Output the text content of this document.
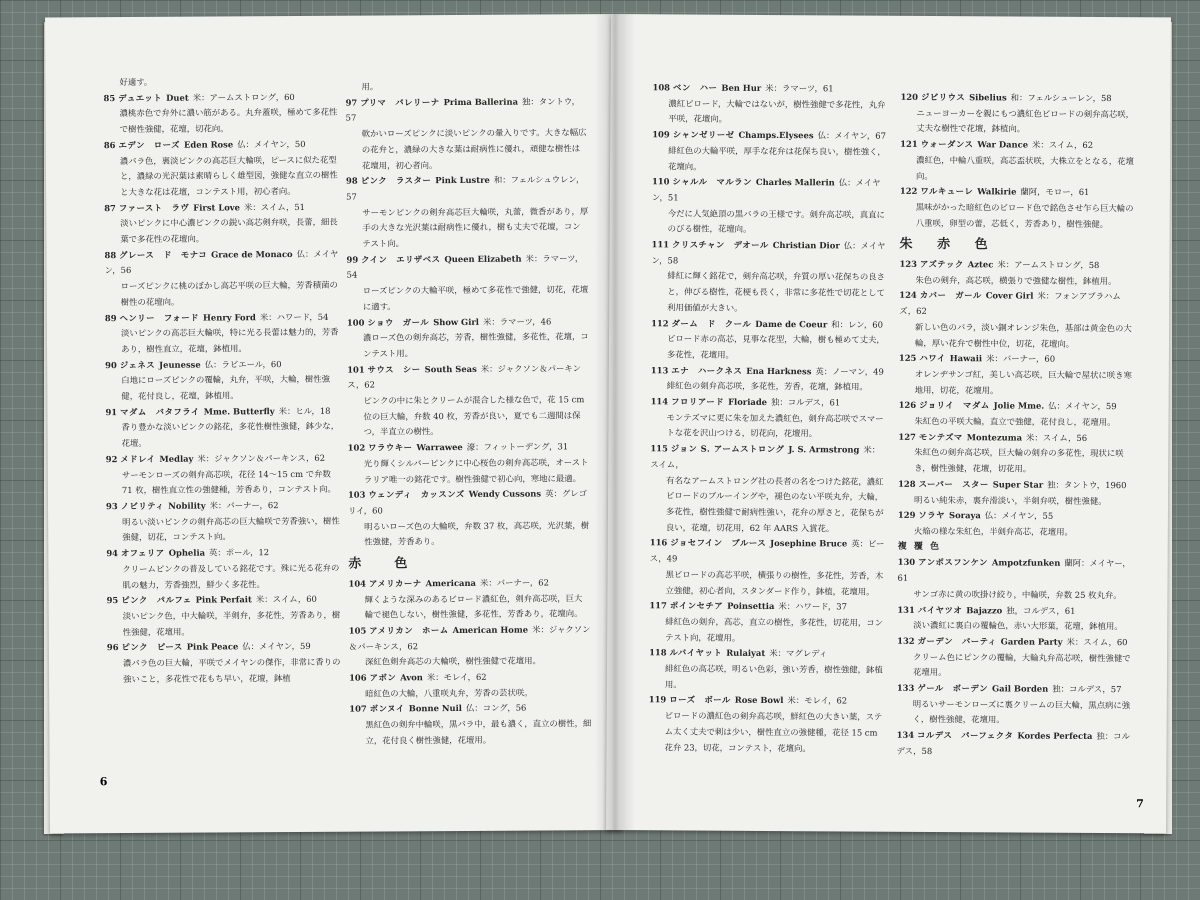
好適す。
85 デュエット Duet 米：アームストロング，60
濃桃赤色で弁外に濃い筋がある。丸弁蓋咲，極めて多花性で樹性強健，花壇，切花向。
86 エデン　ローズ Eden Rose 仏：メイヤン，50
濃バラ色，裏淡ピンクの高芯巨大輪咲，ピースに似た花型と，濃緑の光沢葉は素晴らしく雄型図，強健な直立の樹性と大きな花は花壇，コンテスト用，初心者向。
87 ファースト　ラヴ First Love 米：スイム，51
淡いピンクに中心濃ピンクの鋭い高芯剣弁咲，長蕾，細長葉で多花性の花壇向。
88 グレース　ド　モナコ Grace de Monaco 仏：メイヤン，56
ローズピンクに桃のぼかし高芯平咲の巨大輪，芳香積菌の樹性の花壇向。
89 ヘンリー　フォード Henry Ford 米：ハワード，54
淡いピンクの高芯巨大輪咲，特に光る長蕾は魅力的，芳香あり，樹性直立，花壇，鉢植用。
90 ジェネス Jeunesse 仏：ラビエール，60
白地にローズピンクの覆輪，丸弁，平咲，大輪，樹性強健，花付良し，花壇，鉢植用。
91 マダム　バタフライ Mme. Butterfly 米：ヒル，18
香り豊かな淡いピンクの銘花，多花性樹性強健，鉢少な，花壇。
92 メドレイ Medlay 米：ジャクソン＆パーキンス，62
サーモンローズの剣弁高芯咲，花径 14～15 cm で弁数 71 枚，樹性直立性の強健種，芳香あり，コンテスト向。
93 ノビリティ Nobility 米：バーナー，62
明るい淡いピンクの剣弁高芯の巨大輪咲で芳香強い，樹性強健，切花，コンテスト向。
94 オフェリア Ophelia 英：ポール，12
クリームピンクの普及している銘花です。殊に光る花弁の肌の魅力，芳香強烈，鮮少く多花性。
95 ピンク　パルフェ Pink Perfait 米：スイム，60
淡いピンク色，中大輪咲，半剣弁，多花性，芳香あり，樹性強健，花壇用。
96 ピンク　ピース Pink Peace 仏：メイヤン，59
濃バラ色の巨大輪，平咲でメイヤンの傑作，非常に香りの強いこと，多花性で花もち早い，花壇，鉢植
用。
97 プリマ　バレリーナ Prima Ballerina 独：タントウ，57
軟かいローズピンクに淡いピンクの暈入りです。大きな幅広の花弁と，濃緑の大きな葉は耐病性に優れ，頑健な樹性は花壇用，初心者向。
98 ピンク　ラスター Pink Lustre 和：フェルシュウレン，57
サーモンピンクの剣弁高芯巨大輪咲，丸蕾，微香があり，厚手の大きな光沢葉は耐病性に優れ，樹も丈夫で花壇，コンテスト向。
99 クイン　エリザベス Queen Elizabeth 米：ラマーツ，54
ローズピンクの大輪平咲，極めて多花性で強健，切花，花壇に適す。
100 ショウ　ガール Show Girl 米：ラマーツ，46
濃ローズ色の剣弁高芯，芳香，樹性強健，多花性，花壇，コンテスト用。
101 サウス　シー South Seas 米：ジャクソン＆パーキンス，62
ピンクの中に朱とクリームが混合した様な色で，花 15 cm 位の巨大輪，弁数 40 枚，芳香が良い，夏でも二週間は保つ，半直立の樹性。
102 ワラウキー Warrawee 濠：フィットーデング，31
光り輝くシルバーピンクに中心桜色の剣弁高芯咲，オーストラリア唯一の銘花です。樹性強健で初心向，寒地に最適。
103 ウェンディ　カッスンズ Wendy Cussons 英：グレゴリイ，60
明るいローズ色の大輪咲，弁数 37 枚，高芯咲，光沢葉，樹性強健，芳香あり。
赤　色
104 アメリカーナ Americana 米：バーナー，62
輝くような深みのあるビロード濃紅色，剣弁高芯咲，巨大輪で褪色しない，樹性強健，多花性，芳香あり，花壇向。
105 アメリカン　ホーム American Home 米：ジャクソン＆パーキンス，62
深紅色剣弁高芯の大輪咲，樹性強健で花壇用。
106 アボン Avon 米：モレイ，62
暗紅色の大輪，八重咲丸弁，芳香の芸状咲。
107 ボンヌイ Bonne Nuil 仏：コング，56
黒紅色の剣弁中輪咲，黒バラ中，最も濃く，直立の樹性，細立，花付良く樹性強健，花壇用。
6
108 ベン　ハー Ben Hur 米：ラマーツ，61
濃紅ビロード，大輪ではないが，樹性強健で多花性，丸弁平咲，花壇向。
109 シャンゼリーゼ Champs.Elysees 仏：メイヤン，67
緋紅色の大輪平咲，厚手な花弁は花保ち良い，樹性強く，花壇向。
110 シャルル　マルラン Charles Mallerin 仏：メイヤン，51
今だに人気絶頂の黒バラの王様です。剣弁高芯咲，真直にのびる樹性，花壇向。
111 クリスチャン　デオール Christian Dior 仏：メイヤン，58
緋紅に輝く銘花で，剣弁高芯咲，弁質の厚い花保ちの良さと，伸びる樹性，花梗も長く，非常に多花性で切花として利用価値が大きい。
112 ダーム　ド　クール Dame de Coeur 和：レン，60
ビロード赤の高芯，見事な花型，大輪，樹も極めて丈夫，多花性，花壇用。
113 エナ　ハークネス Ena Harkness 英：ノーマン，49
緋紅色の剣弁高芯咲，多花性，芳香，花壇，鉢植用。
114 フロリアード Floriade 独：コルデス，61
モンテズマに更に朱を加えた濃紅色，剣弁高芯咲でスマートな花を沢山つける，切花向，花壇用。
115 ジョン S. アームストロング J. S. Armstrong 米：スイム，
有名なアームストロング社の長者の名をつけた銘花，濃紅ビロードのブルーイングや，褪色のない平咲丸弁，大輪，多花性，樹性強健で耐病性強い，花弁の厚さと，花保ちが良い，花壇，切花用，62 年 AARS 入賞花。
116 ジョセフイン　ブルース Josephine Bruce 英：ビース，49
黒ビロードの高芯平咲，横張りの樹性，多花性，芳香，木立強健，初心者向，スタンダード作り，鉢植，花壇用。
117 ポインセチア Poinsettia 米：ハワード，37
緋紅色の剣弁，高芯，直立の樹性，多花性，切花用，コンテスト向，花壇用。
118 ルバイヤット Rulaiyat 米：マグレディ
緋紅色の高芯咲，明るい色彩，強い芳香，樹性強健，鉢植用。
119 ローズ　ボール Rose Bowl 米：モレイ，62
ビロードの濃紅色の剣弁高芯咲，鮮紅色の大きい葉，ステム太く丈夫で刺は少い，樹性直立の強健種，花径 15 cm 花弁 23，切花，コンテスト，花壇向。
120 ジビリウス Sibelius 和：フェルシューレン，58
ニューヨーカーを親にもつ濃紅色ビロードの剣弁高芯咲，丈夫な樹性で花壇，鉢植向。
121 ウォーダンス War Dance 米：スイム，62
濃紅色，中輪八重咲，高芯盃状咲，大株立をとなる，花壇向。
122 ワルキューレ Walkirie 蘭阿，モロー，61
黒味がかった暗紅色のビロード色で銘色させ乍ら巨大輪の八重咲，卵型の蕾，芯低く，芳香あり，樹性強健。
朱 赤 色
123 アズテック Aztec 米：アームストロング，58
朱色の剣弁，高芯咲，横張りで強健な樹性，鉢植用。
124 カバー　ガール Cover Girl 米：フォンアブラハムズ，62
新しい色のバラ，淡い銅オレンジ朱色，基部は黄金色の大輪，厚い花弁で樹性中位，切花，花壇向。
125 ハワイ Hawaii 米：バーナー，60
オレンヂサンゴ紅，美しい高芯咲，巨大輪で屋状に咲き寒地用，切花，花壇用。
126 ジョリイ　マダム Jolie Mme. 仏：メイヤン，59
朱紅色の平咲大輪，直立で強健，花付良し，花壇用。
127 モンテズマ Montezuma 米：スイム，56
朱紅色の剣弁高芯咲，巨大輪の剣弁の多花性，現状に咲き，樹性強健，花壇，切花用。
128 スーパー　スター Super Star 独：タントウ，1960
明るい純朱赤，裏弁滑淡い，半剣弁咲，樹性強健。
129 ソラヤ Soraya 仏：メイヤン，55
火焔の様な朱紅色，半剣弁高芯，花壇用。
複 覆 色
130 アンポスフンケン Ampotzfunken 蘭阿：メイヤー，61
サンゴ赤に黄の吹掛け絞り，中輪咲，弁数 25 枚丸弁。
131 バイヤツオ Bajazzo 独，コルデス，61
淡い濃紅に裏白の覆輪色，赤い大形葉，花壇，鉢植用。
132 ガーデン　パーティ Garden Party 米：スイム，60
クリーム色にピンクの覆輪，大輪丸弁高芯咲，樹性強健で花壇用。
133 ゲール　ボーデン Gail Borden 独：コルデス，57
明るいサーモンローズに裏クリームの巨大輪，黒点病に強く，樹性強健，花壇用。
134 コルデス　パーフェクタ Kordes Perfecta 独：コルデス，58
7
